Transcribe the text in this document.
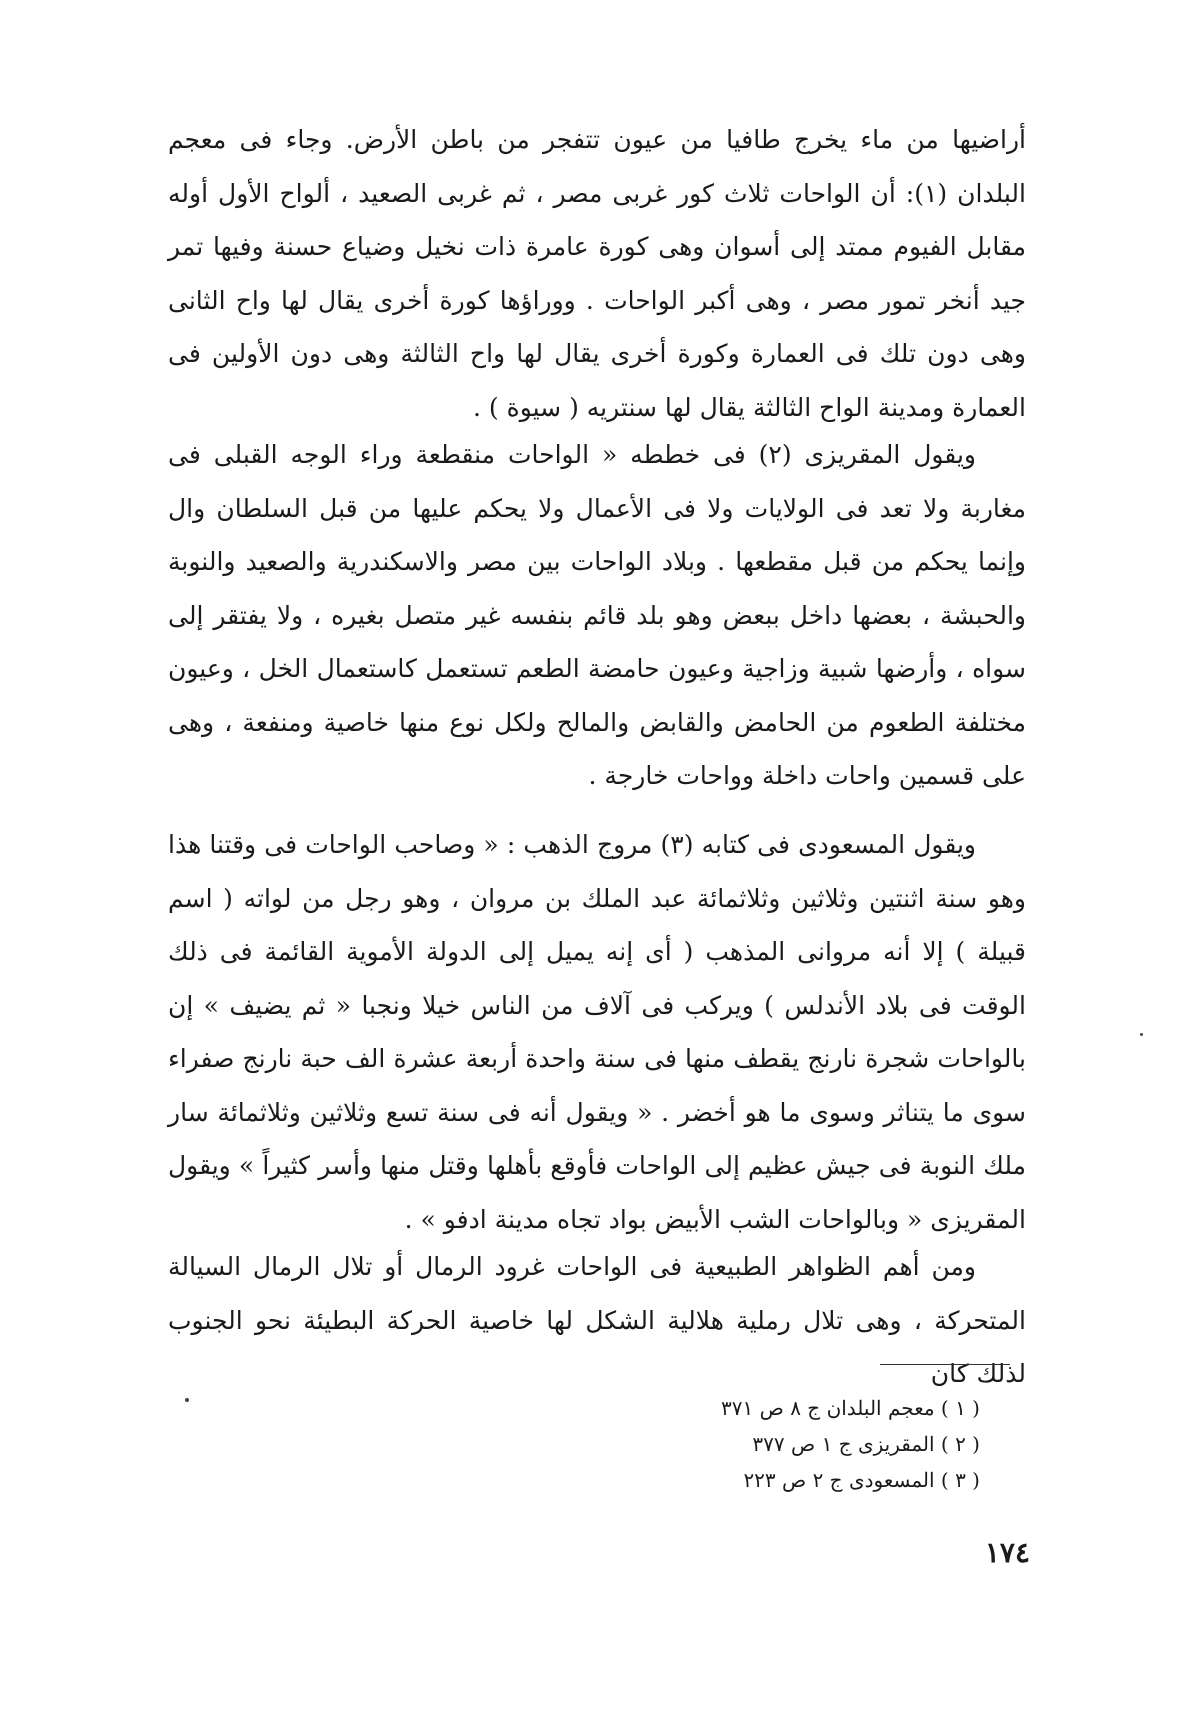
أراضيها من ماء يخرج طافيا من عيون تتفجر من باطن الأرض. وجاء فى معجم البلدان (١): أن الواحات ثلاث كور غربى مصر ، ثم غربى الصعيد ، ألواح الأول أوله مقابل الفيوم ممتد إلى أسوان وهى كورة عامرة ذات نخيل وضياع حسنة وفيها تمر جيد أنخر تمور مصر ، وهى أكبر الواحات . ووراؤها كورة أخرى يقال لها واح الثانى وهى دون تلك فى العمارة وكورة أخرى يقال لها واح الثالثة وهى دون الأولين فى العمارة ومدينة الواح الثالثة يقال لها سنتريه ( سيوة ) .

ويقول المقريزى (٢) فى خططه « الواحات منقطعة وراء الوجه القبلى فى مغاربة ولا تعد فى الولايات ولا فى الأعمال ولا يحكم عليها من قبل السلطان وال وإنما يحكم من قبل مقطعها . وبلاد الواحات بين مصر والاسكندرية والصعيد والنوبة والحبشة ، بعضها داخل ببعض وهو بلد قائم بنفسه غير متصل بغيره ، ولا يفتقر إلى سواه ، وأرضها شبية وزاجية وعيون حامضة الطعم تستعمل كاستعمال الخل ، وعيون مختلفة الطعوم من الحامض والقابض والمالح ولكل نوع منها خاصية ومنفعة ، وهى على قسمين واحات داخلة وواحات خارجة .

ويقول المسعودى فى كتابه (٣) مروج الذهب : « وصاحب الواحات فى وقتنا هذا وهو سنة اثنتين وثلاثين وثلاثمائة عبد الملك بن مروان ، وهو رجل من لواته ( اسم قبيلة ) إلا أنه مروانى المذهب ( أى إنه يميل إلى الدولة الأموية القائمة فى ذلك الوقت فى بلاد الأندلس ) ويركب فى آلاف من الناس خيلا ونجبا « ثم يضيف » إن بالواحات شجرة نارنج يقطف منها فى سنة واحدة أربعة عشرة الف حبة نارنج صفراء سوى ما يتناثر وسوى ما هو أخضر . « ويقول أنه فى سنة تسع وثلاثين وثلاثمائة سار ملك النوبة فى جيش عظيم إلى الواحات فأوقع بأهلها وقتل منها وأسر كثيراً » ويقول المقريزى « وبالواحات الشب الأبيض بواد تجاه مدينة ادفو » .

ومن أهم الظواهر الطبيعية فى الواحات غرود الرمال أو تلال الرمال السيالة المتحركة ، وهى تلال رملية هلالية الشكل لها خاصية الحركة البطيئة نحو الجنوب لذلك كان

( ١ ) معجم البلدان ج ٨ ص ٣٧١
( ٢ ) المقريزى ج ١ ص ٣٧٧
( ٣ ) المسعودى ج ٢ ص ٢٢٣
١٧٤
